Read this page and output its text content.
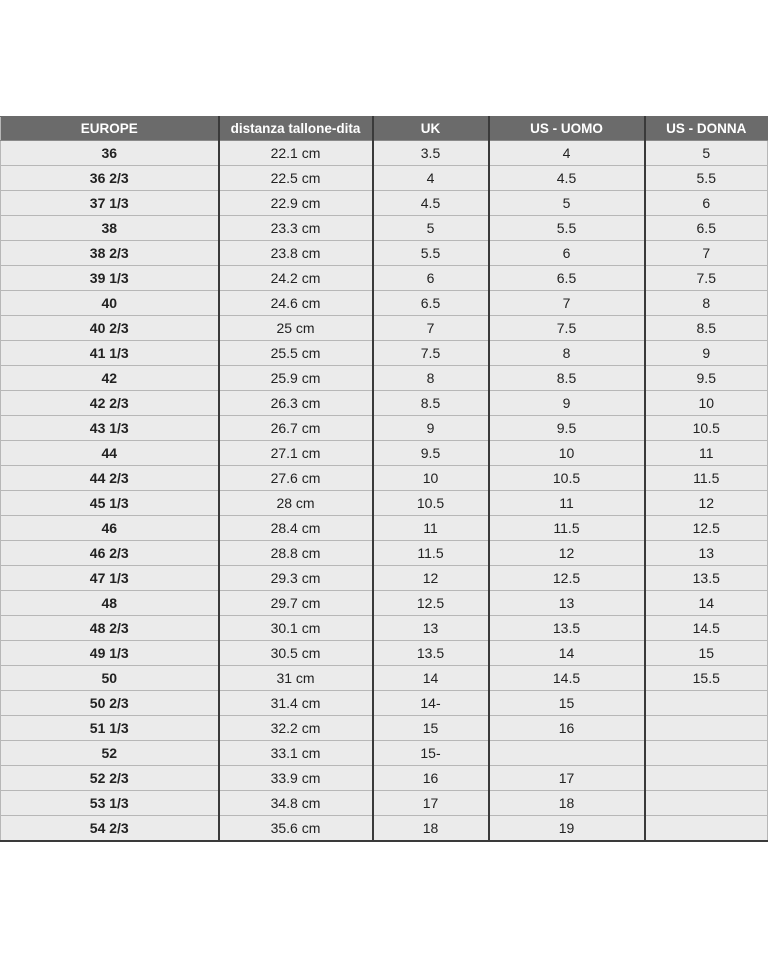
EUROPE	distanza tallone-dita	UK	US - UOMO	US - DONNA
36	22.1 cm	3.5	4	5
36 2/3	22.5 cm	4	4.5	5.5
37 1/3	22.9 cm	4.5	5	6
38	23.3 cm	5	5.5	6.5
38 2/3	23.8 cm	5.5	6	7
39 1/3	24.2 cm	6	6.5	7.5
40	24.6 cm	6.5	7	8
40 2/3	25 cm	7	7.5	8.5
41 1/3	25.5 cm	7.5	8	9
42	25.9 cm	8	8.5	9.5
42 2/3	26.3 cm	8.5	9	10
43 1/3	26.7 cm	9	9.5	10.5
44	27.1 cm	9.5	10	11
44 2/3	27.6 cm	10	10.5	11.5
45 1/3	28 cm	10.5	11	12
46	28.4 cm	11	11.5	12.5
46 2/3	28.8 cm	11.5	12	13
47 1/3	29.3 cm	12	12.5	13.5
48	29.7 cm	12.5	13	14
48 2/3	30.1 cm	13	13.5	14.5
49 1/3	30.5 cm	13.5	14	15
50	31 cm	14	14.5	15.5
50 2/3	31.4 cm	14-	15	
51 1/3	32.2 cm	15	16	
52	33.1 cm	15-		
52 2/3	33.9 cm	16	17	
53 1/3	34.8 cm	17	18	
54 2/3	35.6 cm	18	19	
